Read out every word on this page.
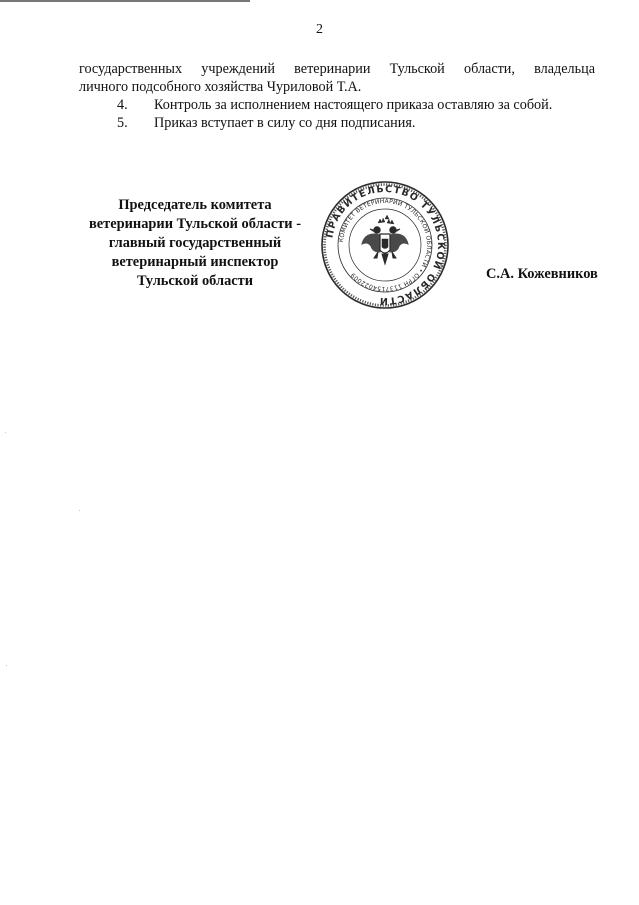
2
государственных учреждений ветеринарии Тульской области, владельца
личного подсобного хозяйства Чуриловой Т.А.
4. Контроль за исполнением настоящего приказа оставляю за собой.
5. Приказ вступает в силу со дня подписания.
Председатель комитета
ветеринарии Тульской области -
главный государственный
ветеринарный инспектор
Тульской области
ПРАВИТЕЛЬСТВО ТУЛЬСКОЙ ОБЛАСТИ
КОМИТЕТ ВЕТЕРИНАРИИ ТУЛЬСКОЙ ОБЛАСТИ • ОГРН 1137154022009	С.А. Кожевников
